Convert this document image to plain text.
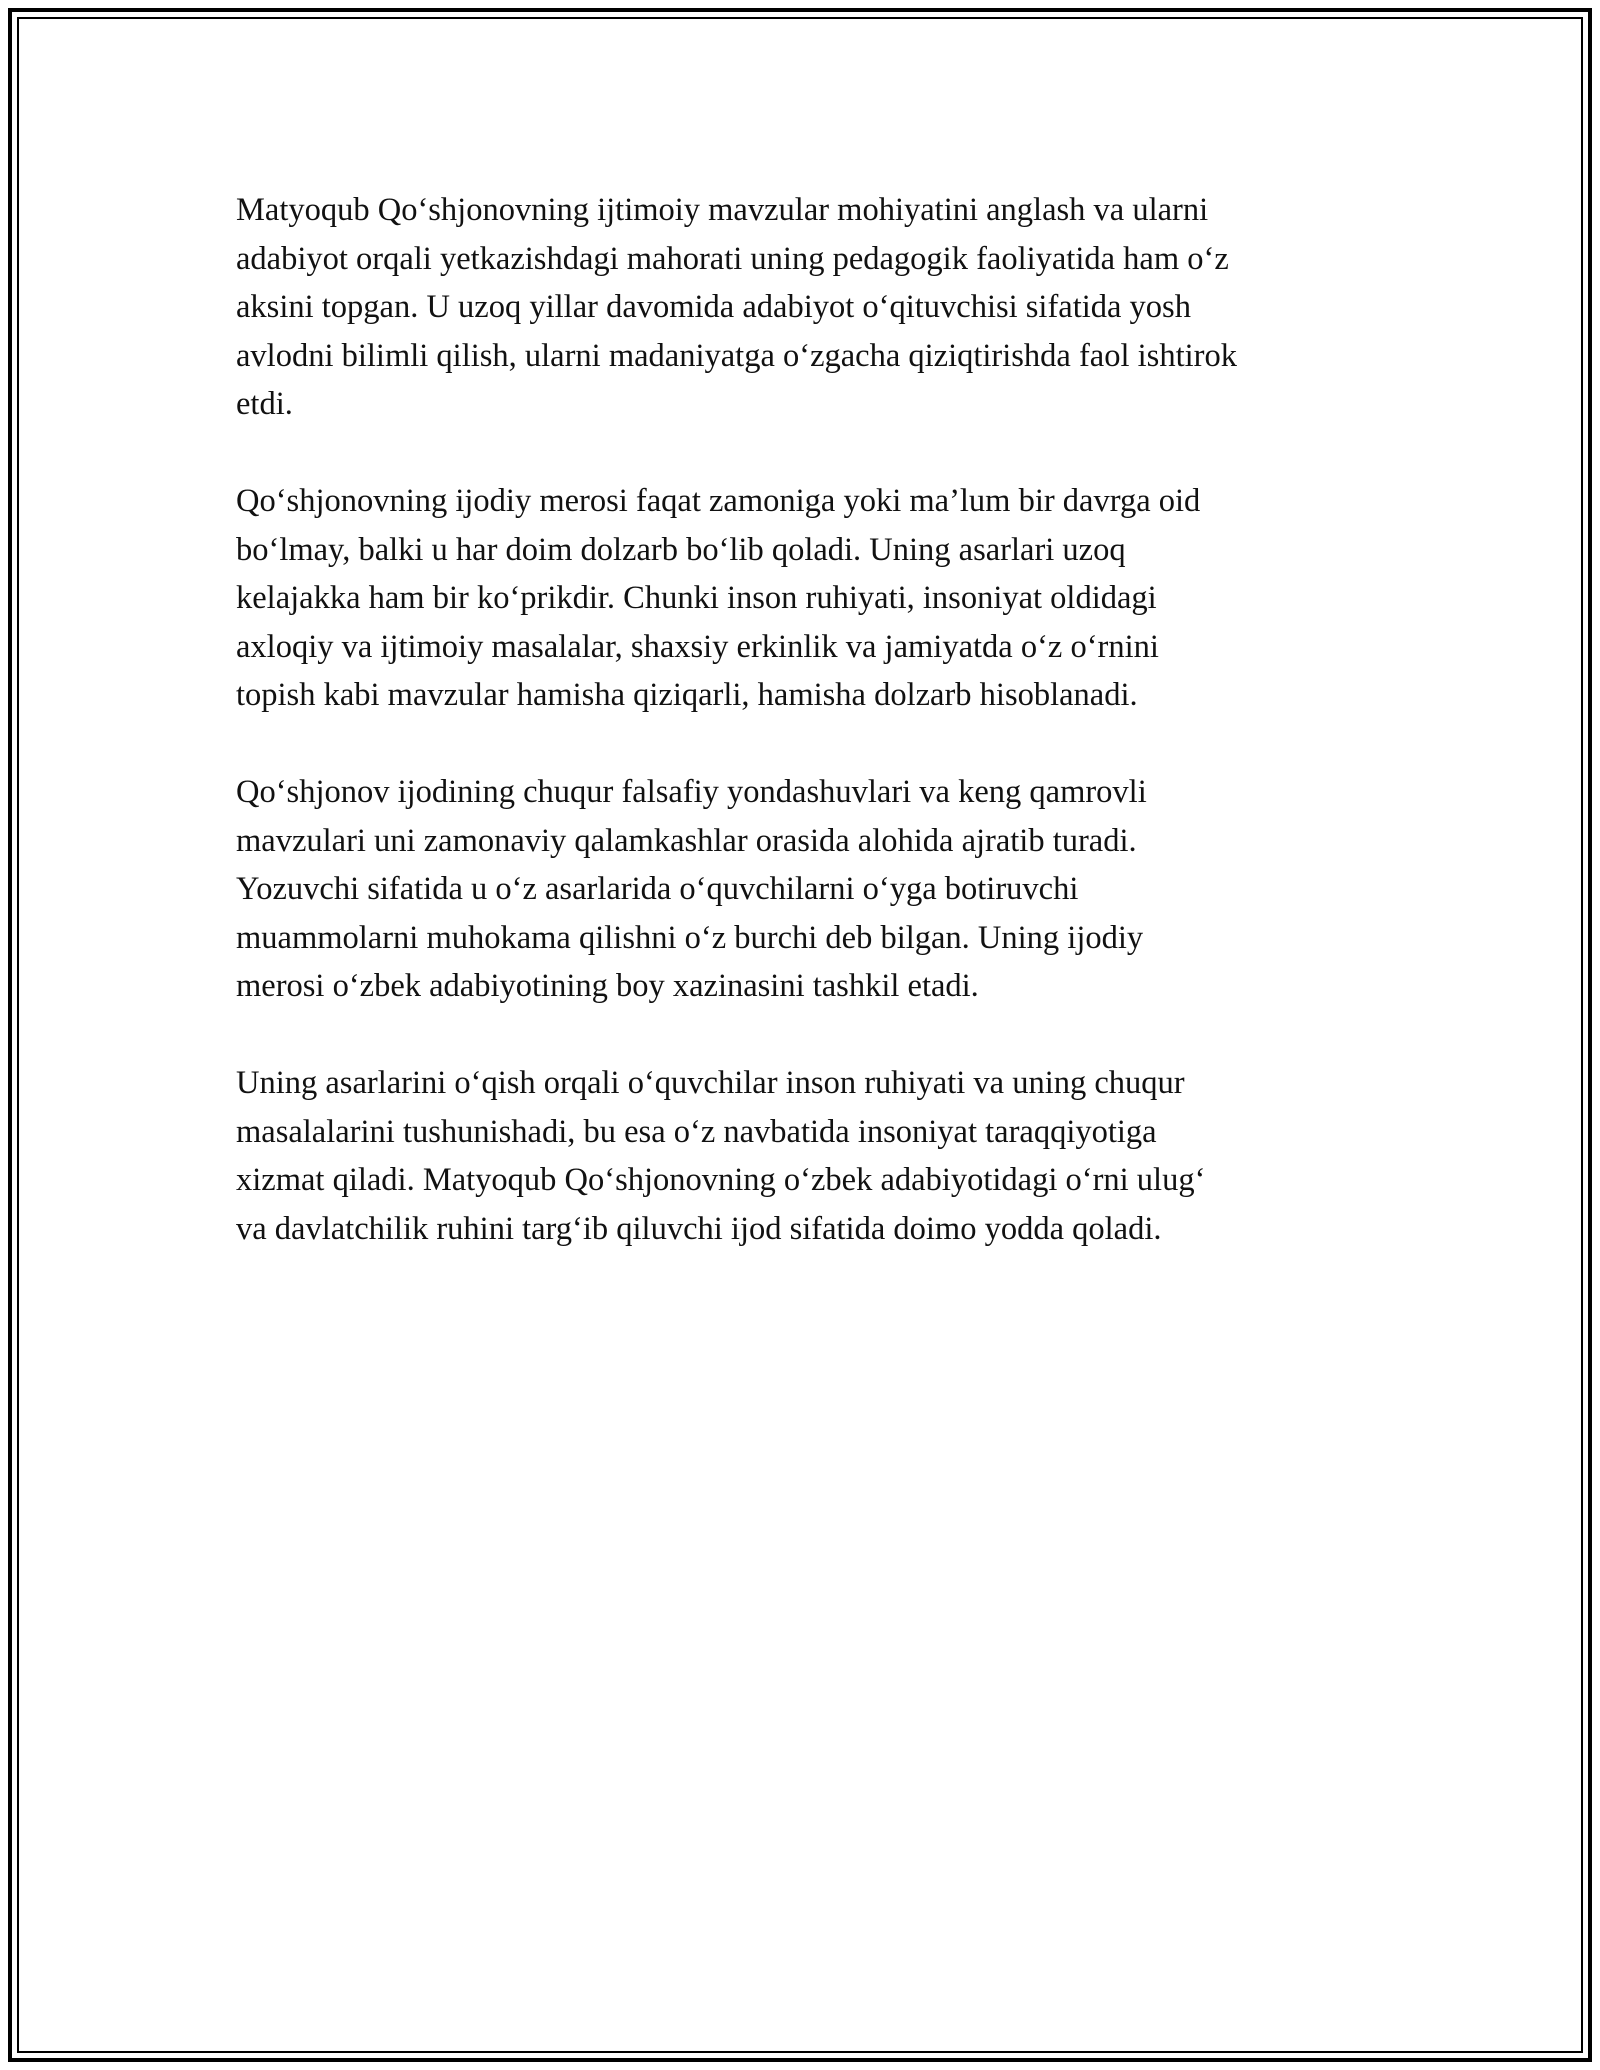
Matyoqub Qo‘shjonovning ijtimoiy mavzular mohiyatini anglash va ularni
adabiyot orqali yetkazishdagi mahorati uning pedagogik faoliyatida ham o‘z
aksini topgan. U uzoq yillar davomida adabiyot o‘qituvchisi sifatida yosh
avlodni bilimli qilish, ularni madaniyatga o‘zgacha qiziqtirishda faol ishtirok
etdi.

Qo‘shjonovning ijodiy merosi faqat zamoniga yoki ma’lum bir davrga oid
bo‘lmay, balki u har doim dolzarb bo‘lib qoladi. Uning asarlari uzoq
kelajakka ham bir ko‘prikdir. Chunki inson ruhiyati, insoniyat oldidagi
axloqiy va ijtimoiy masalalar, shaxsiy erkinlik va jamiyatda o‘z o‘rnini
topish kabi mavzular hamisha qiziqarli, hamisha dolzarb hisoblanadi.

Qo‘shjonov ijodining chuqur falsafiy yondashuvlari va keng qamrovli
mavzulari uni zamonaviy qalamkashlar orasida alohida ajratib turadi.
Yozuvchi sifatida u o‘z asarlarida o‘quvchilarni o‘yga botiruvchi
muammolarni muhokama qilishni o‘z burchi deb bilgan. Uning ijodiy
merosi o‘zbek adabiyotining boy xazinasini tashkil etadi.

Uning asarlarini o‘qish orqali o‘quvchilar inson ruhiyati va uning chuqur
masalalarini tushunishadi, bu esa o‘z navbatida insoniyat taraqqiyotiga
xizmat qiladi. Matyoqub Qo‘shjonovning o‘zbek adabiyotidagi o‘rni ulug‘
va davlatchilik ruhini targ‘ib qiluvchi ijod sifatida doimo yodda qoladi.
